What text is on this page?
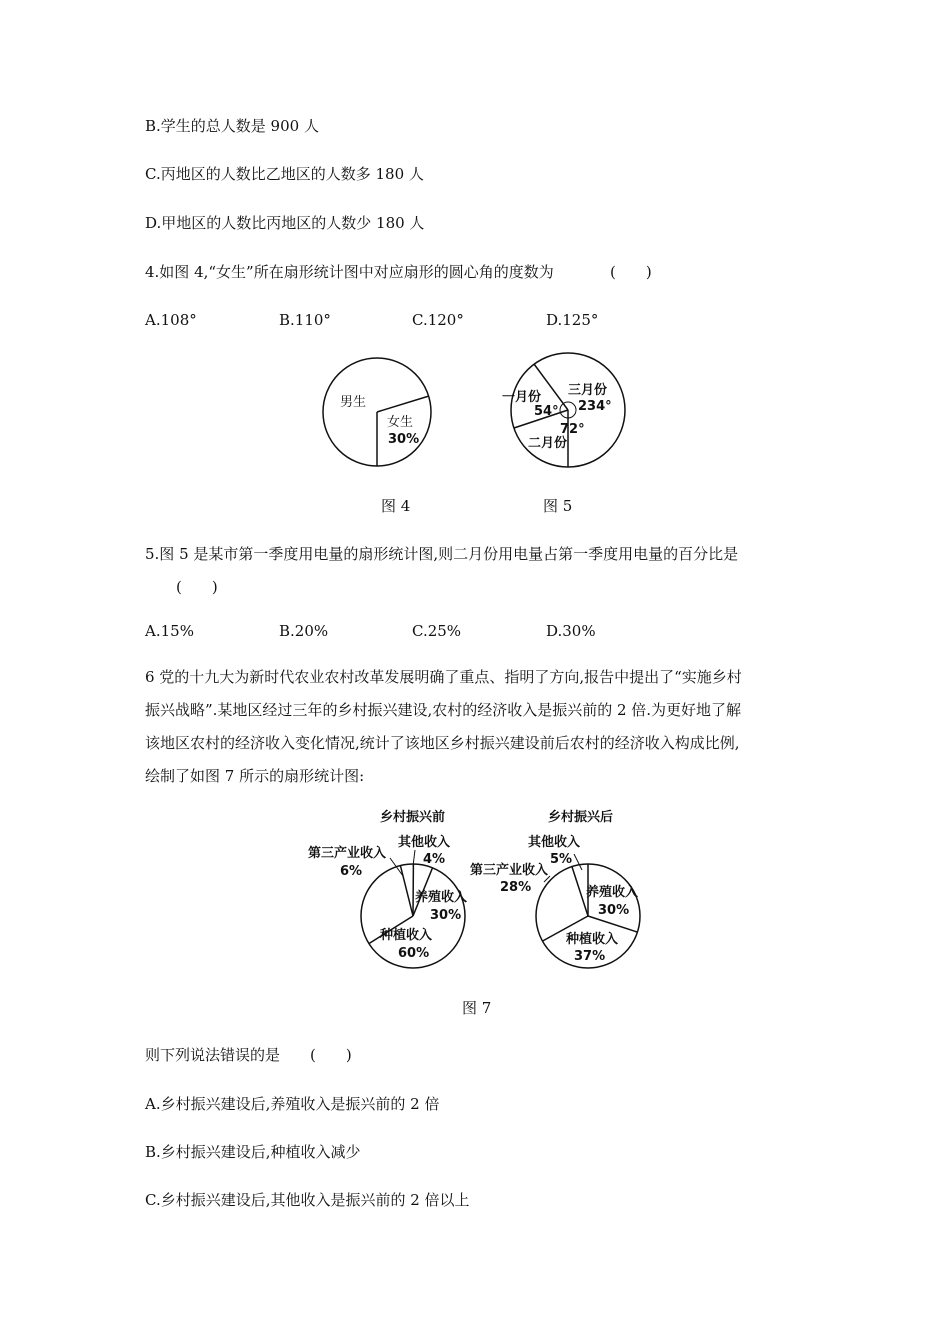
B.学生的总人数是 900 人
C.丙地区的人数比乙地区的人数多 180 人
D.甲地区的人数比丙地区的人数少 180 人
4.如图 4,“女生”所在扇形统计图中对应扇形的圆心角的度数为	(　　)
A.108°	B.110°	C.120°	D.125°
男生
女生
30%
图 4
一月份
54°
72°
二月份
三月份
234°
图 5
5.图 5 是某市第一季度用电量的扇形统计图,则二月份用电量占第一季度用电量的百分比是
(　　)
A.15%	B.20%	C.25%	D.30%
6 党的十九大为新时代农业农村改革发展明确了重点、指明了方向,报告中提出了“实施乡村
振兴战略”.某地区经过三年的乡村振兴建设,农村的经济收入是振兴前的 2 倍.为更好地了解
该地区农村的经济收入变化情况,统计了该地区乡村振兴建设前后农村的经济收入构成比例,
绘制了如图 7 所示的扇形统计图:
乡村振兴前
其他收入
4%
第三产业收入
6%
养殖收入
30%
种植收入
60%
乡村振兴后
其他收入
5%
第三产业收入
28%	养殖收入
30%
种植收入
37%
图 7
则下列说法错误的是 (　　)
A.乡村振兴建设后,养殖收入是振兴前的 2 倍
B.乡村振兴建设后,种植收入减少
C.乡村振兴建设后,其他收入是振兴前的 2 倍以上
